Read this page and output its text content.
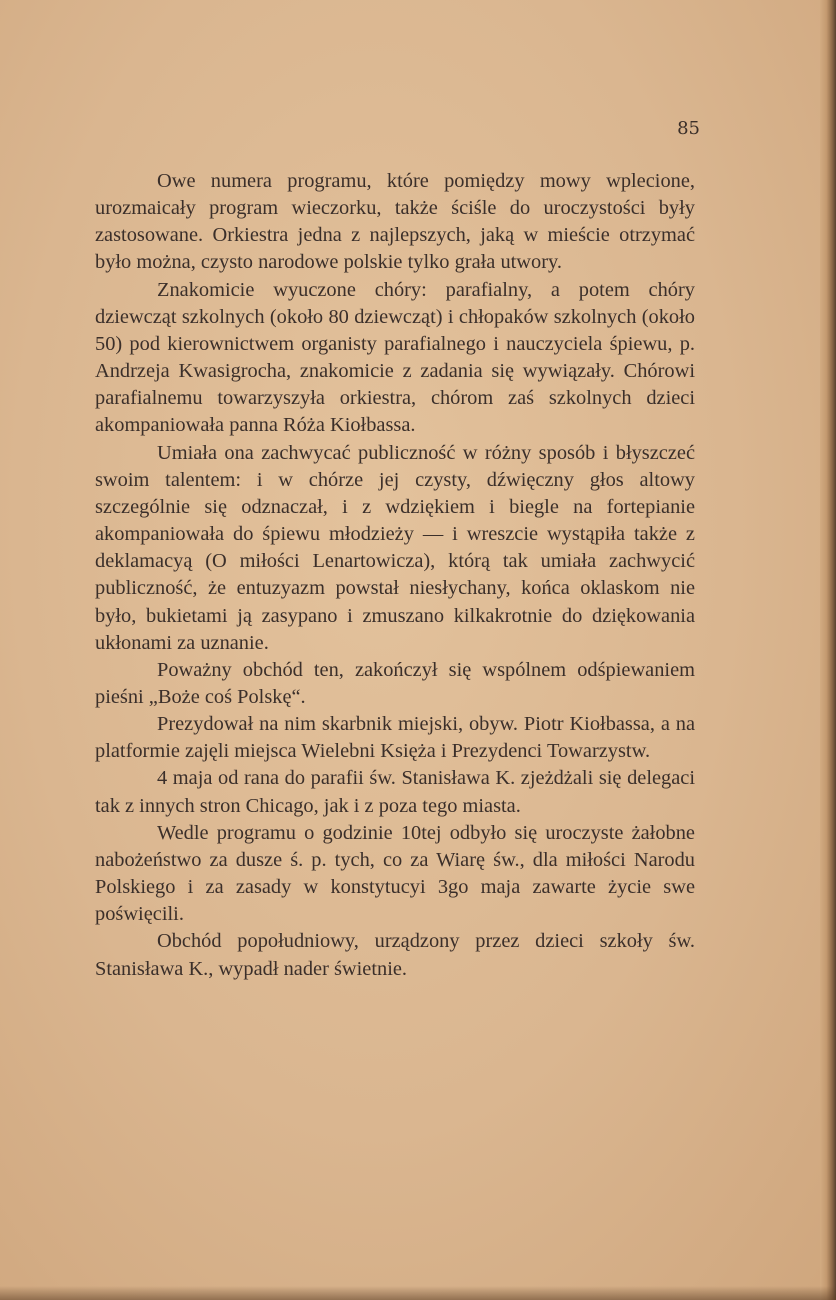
85

Owe numera programu, które pomiędzy mowy wplecione, urozmaicały program wieczorku, także ściśle do uroczystości były zastosowane. Orkiestra jedna z najlepszych, jaką w mieście otrzymać było można, czysto narodowe polskie tylko grała utwory.

Znakomicie wyuczone chóry: parafialny, a potem chóry dziewcząt szkolnych (około 80 dziewcząt) i chłopaków szkolnych (około 50) pod kierownictwem organisty parafialnego i nauczyciela śpiewu, p. Andrzeja Kwasigrocha, znakomicie z zadania się wywiązały. Chórowi parafialnemu towarzyszyła orkiestra, chórom zaś szkolnych dzieci akompaniowała panna Róża Kiołbassa.

Umiała ona zachwycać publiczność w różny sposób i błyszczeć swoim talentem: i w chórze jej czysty, dźwięczny głos altowy szczególnie się odznaczał, i z wdziękiem i biegle na fortepianie akompaniowała do śpiewu młodzieży — i wreszcie wystąpiła także z deklamacyą (O miłości Lenartowicza), którą tak umiała zachwycić publiczność, że entuzyazm powstał niesłychany, końca oklaskom nie było, bukietami ją zasypano i zmuszano kilkakrotnie do dziękowania ukłonami za uznanie.

Poważny obchód ten, zakończył się wspólnem odśpiewaniem pieśni „Boże coś Polskę“.

Prezydował na nim skarbnik miejski, obyw. Piotr Kiołbassa, a na platformie zajęli miejsca Wielebni Księża i Prezydenci Towarzystw.

4 maja od rana do parafii św. Stanisława K. zjeżdżali się delegaci tak z innych stron Chicago, jak i z poza tego miasta.

Wedle programu o godzinie 10tej odbyło się uroczyste żałobne nabożeństwo za dusze ś. p. tych, co za Wiarę św., dla miłości Narodu Polskiego i za zasady w konstytucyi 3go maja zawarte życie swe poświęcili.

Obchód popołudniowy, urządzony przez dzieci szkoły św. Stanisława K., wypadł nader świetnie.
